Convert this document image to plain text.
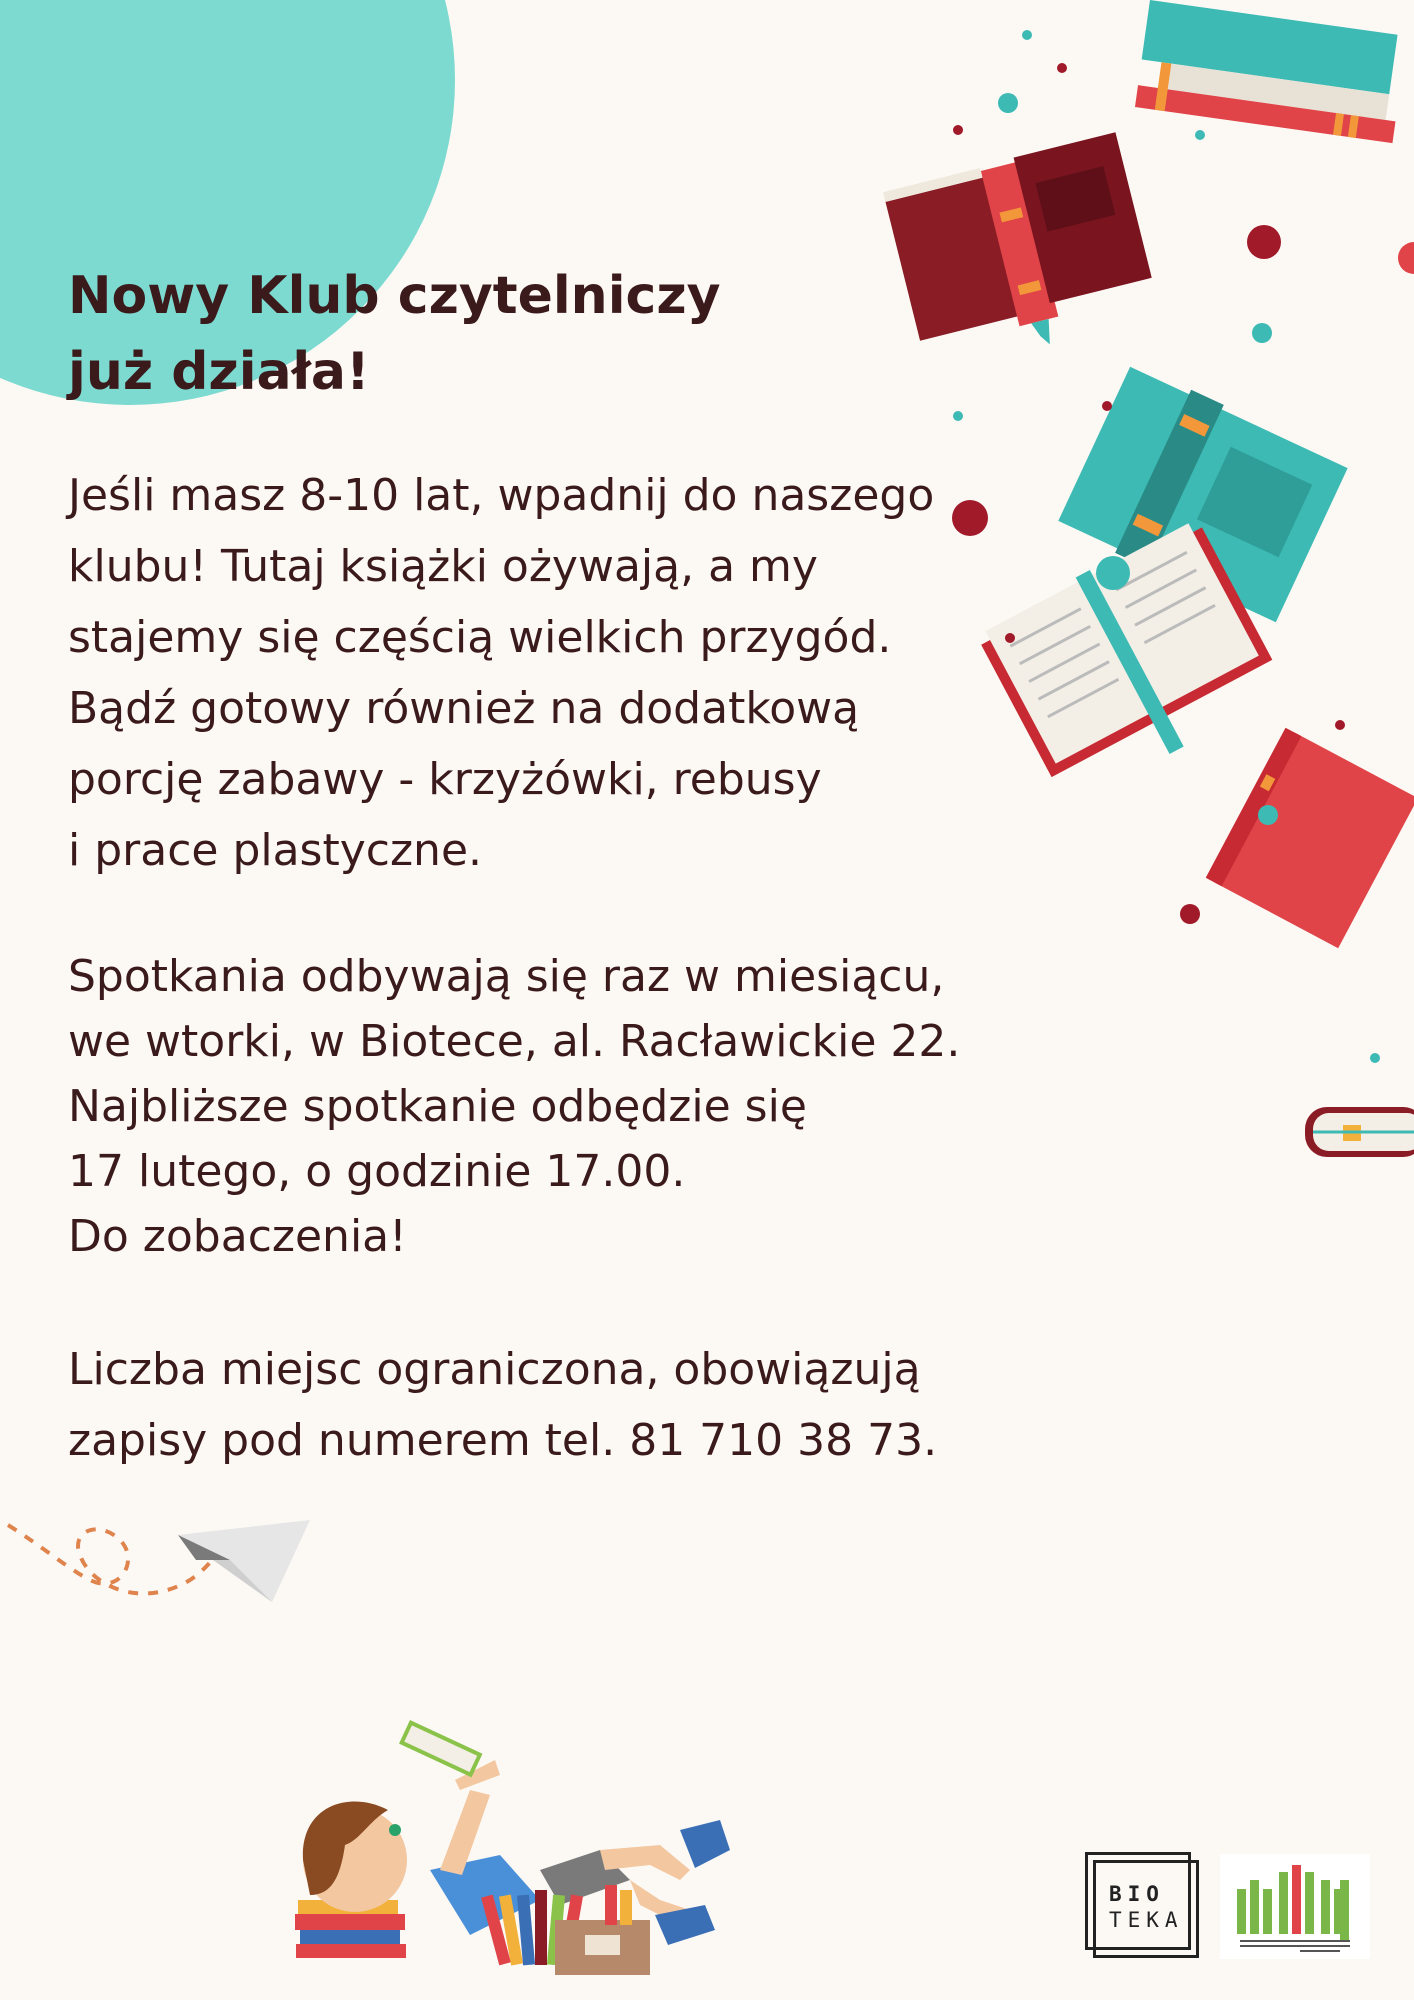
Nowy Klub czytelniczy
już działa!

Jeśli masz 8-10 lat, wpadnij do naszego
klubu! Tutaj książki ożywają, a my
stajemy się częścią wielkich przygód.
Bądź gotowy również na dodatkową
porcję zabawy - krzyżówki, rebusy
i prace plastyczne.

Spotkania odbywają się raz w miesiącu,
we wtorki, w Biotece, al. Racławickie 22.
Najbliższe spotkanie odbędzie się
17 lutego, o godzinie 17.00.
Do zobaczenia!

Liczba miejsc ograniczona, obowiązują
zapisy pod numerem tel. 81 710 38 73.

BIO
TEKA
